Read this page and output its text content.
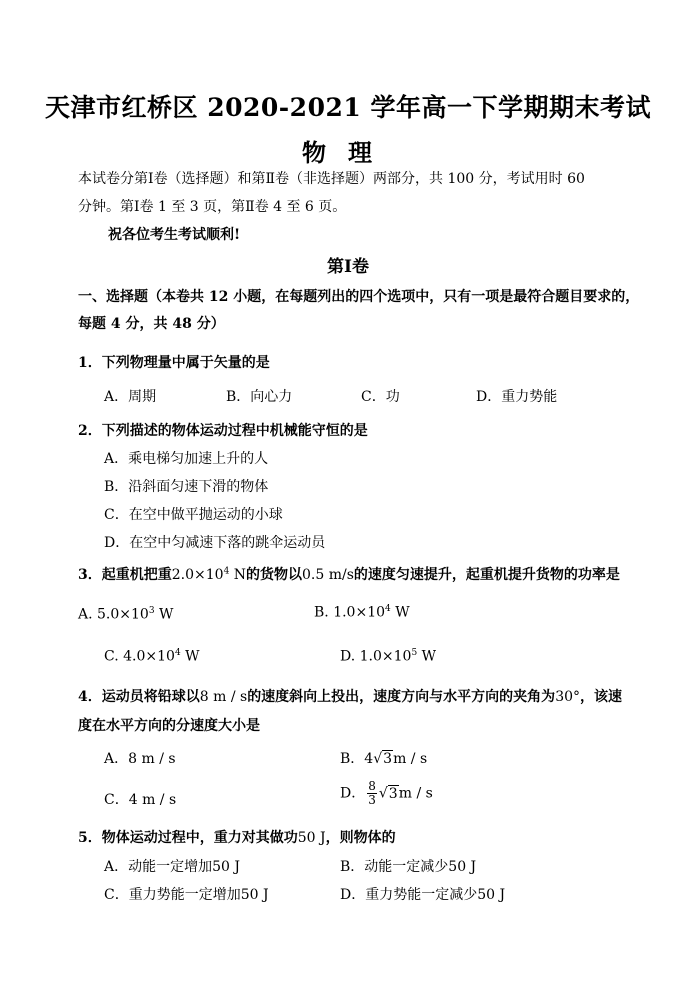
天津市红桥区 2020-2021 学年高一下学期期末考试
物理
本试卷分第Ⅰ卷（选择题）和第Ⅱ卷（非选择题）两部分，共 100 分，考试用时 60
分钟。第Ⅰ卷 1 至 3 页，第Ⅱ卷 4 至 6 页。
祝各位考生考试顺利!
第Ⅰ卷
一、选择题（本卷共 12 小题，在每题列出的四个选项中，只有一项是最符合题目要求的，
每题 4 分，共 48 分）
1．下列物理量中属于矢量的是
A．周期	B．向心力	C．功	D．重力势能
2．下列描述的物体运动过程中机械能守恒的是
A．乘电梯匀加速上升的人
B．沿斜面匀速下滑的物体
C．在空中做平抛运动的小球
D．在空中匀减速下落的跳伞运动员
3．起重机把重$2.0\times 10^4$ N的货物以0.5 m/s的速度匀速提升，起重机提升货物的功率是
A. $5.0\times 10^3$ W	B. $1.0\times 10^4$ W
C. $4.0\times 10^4$ W	D. $1.0\times 10^5$ W
4．运动员将铅球以8 m / s的速度斜向上投出，速度方向与水平方向的夹角为30°，该速
度在水平方向的分速度大小是
A．8 m / s	B．4√3m / s
C．4 m / s	D． $\frac{8}{3} √3m$ / s
5．物体运动过程中，重力对其做功50 J，则物体的
A．动能一定增加50 J	B．动能一定减少50 J
C．重力势能一定增加50 J	D．重力势能一定减少50 J
